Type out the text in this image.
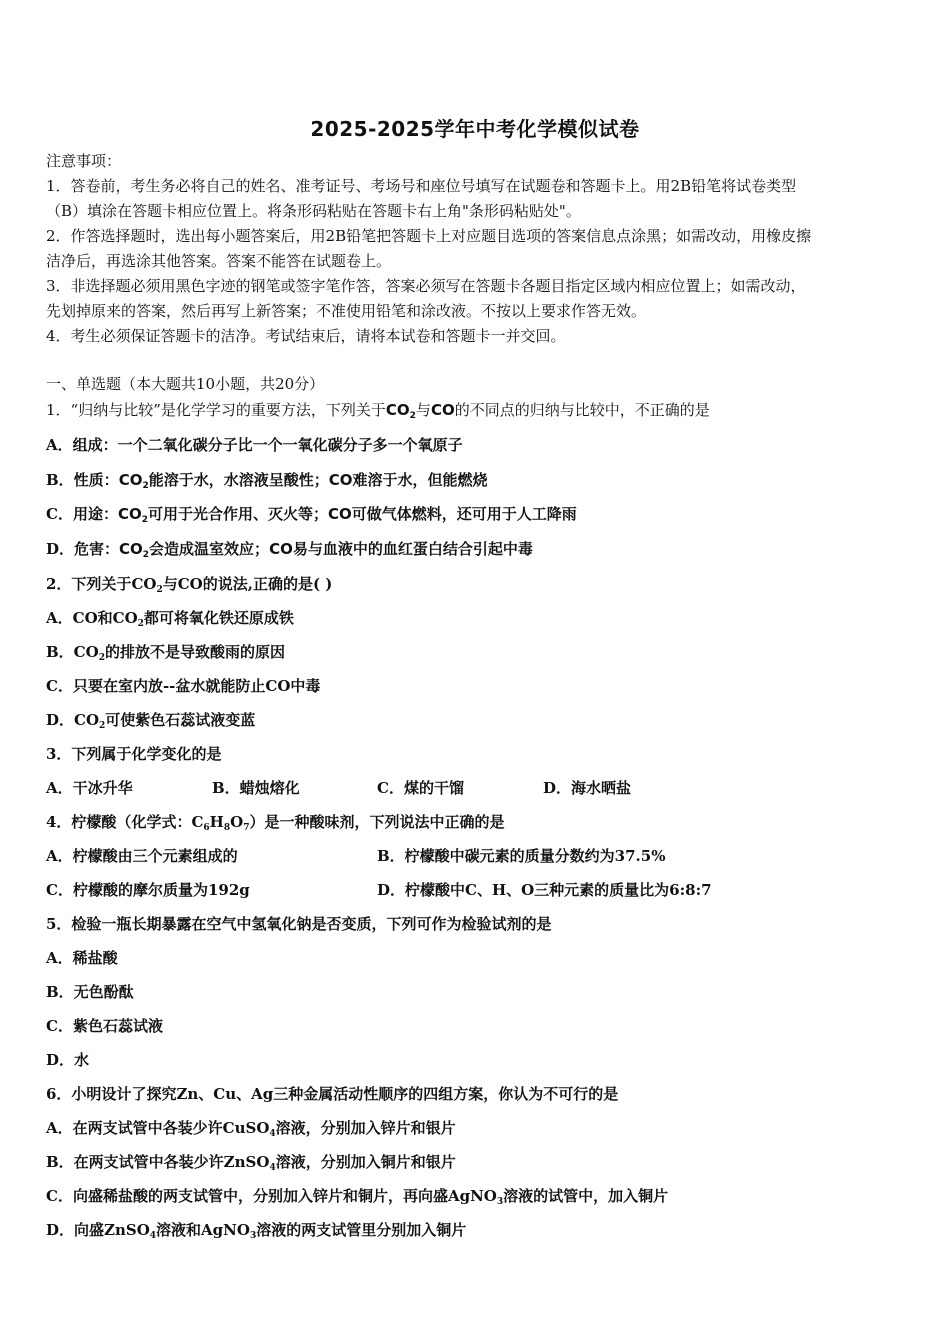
2025-2025学年中考化学模似试卷
注意事项：
1．答卷前，考生务必将自己的姓名、准考证号、考场号和座位号填写在试题卷和答题卡上。用2B铅笔将试卷类型
（B）填涂在答题卡相应位置上。将条形码粘贴在答题卡右上角"条形码粘贴处"。
2．作答选择题时，选出每小题答案后，用2B铅笔把答题卡上对应题目选项的答案信息点涂黑；如需改动，用橡皮擦
洁净后，再选涂其他答案。答案不能答在试题卷上。
3．非选择题必须用黑色字迹的钢笔或签字笔作答，答案必须写在答题卡各题目指定区域内相应位置上；如需改动，
先划掉原来的答案，然后再写上新答案；不准使用铅笔和涂改液。不按以上要求作答无效。
4．考生必须保证答题卡的洁净。考试结束后，请将本试卷和答题卡一并交回。
一、单选题（本大题共10小题，共20分）
1．“归纳与比较”是化学学习的重要方法，下列关于$CO_2$与CO的不同点的归纳与比较中，不正确的是
A．组成：一个二氧化碳分子比一个一氧化碳分子多一个氧原子
B．性质：$CO_2$能溶于水，水溶液呈酸性；CO难溶于水，但能燃烧
C．用途：$CO_2$可用于光合作用、灭火等；CO可做气体燃料，还可用于人工降雨
D．危害：$CO_2$会造成温室效应；CO易与血液中的血红蛋白结合引起中毒
2．下列关于$CO_2$与CO的说法,正确的是( )
A．CO和$CO_2$都可将氧化铁还原成铁
B．$CO_2$的排放不是导致酸雨的原因
C．只要在室内放--盆水就能防止CO中毒
D．$CO_2$可使紫色石蕊试液变蓝
3．下列属于化学变化的是
A．干冰升华	B．蜡烛熔化	C．煤的干馏	D．海水晒盐
4．柠檬酸（化学式：$C_6H_8O_7$）是一种酸味剂，下列说法中正确的是
A．柠檬酸由三个元素组成的	B．柠檬酸中碳元素的质量分数约为37.5%
C．柠檬酸的摩尔质量为192g	D．柠檬酸中C、H、O三种元素的质量比为6:8:7
5．检验一瓶长期暴露在空气中氢氧化钠是否变质，下列可作为检验试剂的是
A．稀盐酸
B．无色酚酞
C．紫色石蕊试液
D．水
6．小明设计了探究Zn、Cu、Ag三种金属活动性顺序的四组方案，你认为不可行的是
A．在两支试管中各装少许CuSO$_4$溶液，分别加入锌片和银片
B．在两支试管中各装少许ZnSO$_4$溶液，分别加入铜片和银片
C．向盛稀盐酸的两支试管中，分别加入锌片和铜片，再向盛AgNO$_3$溶液的试管中，加入铜片
D．向盛ZnSO$_4$溶液和AgNO$_3$溶液的两支试管里分别加入铜片
